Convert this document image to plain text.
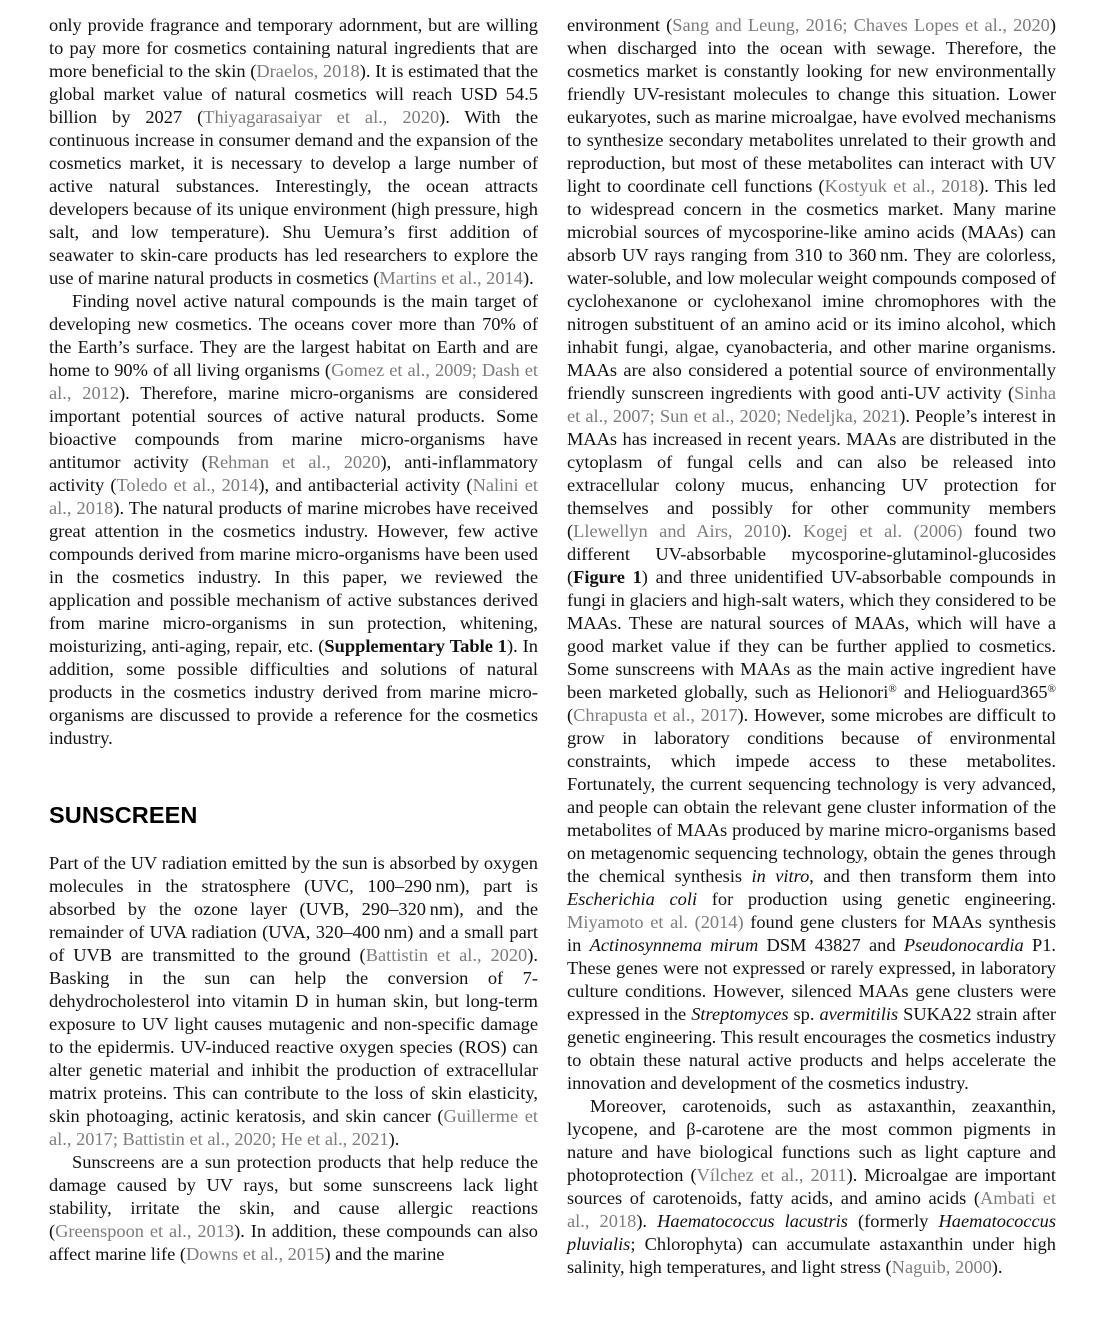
only provide fragrance and temporary adornment, but are willing to pay more for cosmetics containing natural ingredients that are more beneficial to the skin (Draelos, 2018). It is estimated that the global market value of natural cosmetics will reach USD 54.5 billion by 2027 (Thiyagarasaiyar et al., 2020). With the continuous increase in consumer demand and the expansion of the cosmetics market, it is necessary to develop a large number of active natural substances. Interestingly, the ocean attracts developers because of its unique environment (high pressure, high salt, and low temperature). Shu Uemura’s first addition of seawater to skin-care products has led researchers to explore the use of marine natural products in cosmetics (Martins et al., 2014).

Finding novel active natural compounds is the main target of developing new cosmetics. The oceans cover more than 70% of the Earth’s surface. They are the largest habitat on Earth and are home to 90% of all living organisms (Gomez et al., 2009; Dash et al., 2012). Therefore, marine micro-organisms are considered important potential sources of active natural products. Some bioactive compounds from marine micro-organisms have antitumor activity (Rehman et al., 2020), anti-inflammatory activity (Toledo et al., 2014), and antibacterial activity (Nalini et al., 2018). The natural products of marine microbes have received great attention in the cosmetics industry. However, few active compounds derived from marine micro-organisms have been used in the cosmetics industry. In this paper, we reviewed the application and possible mechanism of active substances derived from marine micro-organisms in sun protection, whitening, moisturizing, anti-aging, repair, etc. (Supplementary Table 1). In addition, some possible difficulties and solutions of natural products in the cosmetics industry derived from marine micro-organisms are discussed to provide a reference for the cosmetics industry.

SUNSCREEN

Part of the UV radiation emitted by the sun is absorbed by oxygen molecules in the stratosphere (UVC, 100–290 nm), part is absorbed by the ozone layer (UVB, 290–320 nm), and the remainder of UVA radiation (UVA, 320–400 nm) and a small part of UVB are transmitted to the ground (Battistin et al., 2020). Basking in the sun can help the conversion of 7-dehydrocholesterol into vitamin D in human skin, but long-term exposure to UV light causes mutagenic and non-specific damage to the epidermis. UV-induced reactive oxygen species (ROS) can alter genetic material and inhibit the production of extracellular matrix proteins. This can contribute to the loss of skin elasticity, skin photoaging, actinic keratosis, and skin cancer (Guillerme et al., 2017; Battistin et al., 2020; He et al., 2021).

Sunscreens are a sun protection products that help reduce the damage caused by UV rays, but some sunscreens lack light stability, irritate the skin, and cause allergic reactions (Greenspoon et al., 2013). In addition, these compounds can also affect marine life (Downs et al., 2015) and the marine

environment (Sang and Leung, 2016; Chaves Lopes et al., 2020) when discharged into the ocean with sewage. Therefore, the cosmetics market is constantly looking for new environmentally friendly UV-resistant molecules to change this situation. Lower eukaryotes, such as marine microalgae, have evolved mechanisms to synthesize secondary metabolites unrelated to their growth and reproduction, but most of these metabolites can interact with UV light to coordinate cell functions (Kostyuk et al., 2018). This led to widespread concern in the cosmetics market. Many marine microbial sources of mycosporine-like amino acids (MAAs) can absorb UV rays ranging from 310 to 360 nm. They are colorless, water-soluble, and low molecular weight compounds composed of cyclohexanone or cyclohexanol imine chromophores with the nitrogen substituent of an amino acid or its imino alcohol, which inhabit fungi, algae, cyanobacteria, and other marine organisms. MAAs are also considered a potential source of environmentally friendly sunscreen ingredients with good anti-UV activity (Sinha et al., 2007; Sun et al., 2020; Nedeljka, 2021). People’s interest in MAAs has increased in recent years. MAAs are distributed in the cytoplasm of fungal cells and can also be released into extracellular colony mucus, enhancing UV protection for themselves and possibly for other community members (Llewellyn and Airs, 2010). Kogej et al. (2006) found two different UV-absorbable mycosporine-glutaminol-glucosides (Figure 1) and three unidentified UV-absorbable compounds in fungi in glaciers and high-salt waters, which they considered to be MAAs. These are natural sources of MAAs, which will have a good market value if they can be further applied to cosmetics. Some sunscreens with MAAs as the main active ingredient have been marketed globally, such as Helionori® and Helioguard365® (Chrapusta et al., 2017). However, some microbes are difficult to grow in laboratory conditions because of environmental constraints, which impede access to these metabolites. Fortunately, the current sequencing technology is very advanced, and people can obtain the relevant gene cluster information of the metabolites of MAAs produced by marine micro-organisms based on metagenomic sequencing technology, obtain the genes through the chemical synthesis in vitro, and then transform them into Escherichia coli for production using genetic engineering. Miyamoto et al. (2014) found gene clusters for MAAs synthesis in Actinosynnema mirum DSM 43827 and Pseudonocardia P1. These genes were not expressed or rarely expressed, in laboratory culture conditions. However, silenced MAAs gene clusters were expressed in the Streptomyces sp. avermitilis SUKA22 strain after genetic engineering. This result encourages the cosmetics industry to obtain these natural active products and helps accelerate the innovation and development of the cosmetics industry.

Moreover, carotenoids, such as astaxanthin, zeaxanthin, lycopene, and β-carotene are the most common pigments in nature and have biological functions such as light capture and photoprotection (Vílchez et al., 2011). Microalgae are important sources of carotenoids, fatty acids, and amino acids (Ambati et al., 2018). Haematococcus lacustris (formerly Haematococcus pluvialis; Chlorophyta) can accumulate astaxanthin under high salinity, high temperatures, and light stress (Naguib, 2000).
